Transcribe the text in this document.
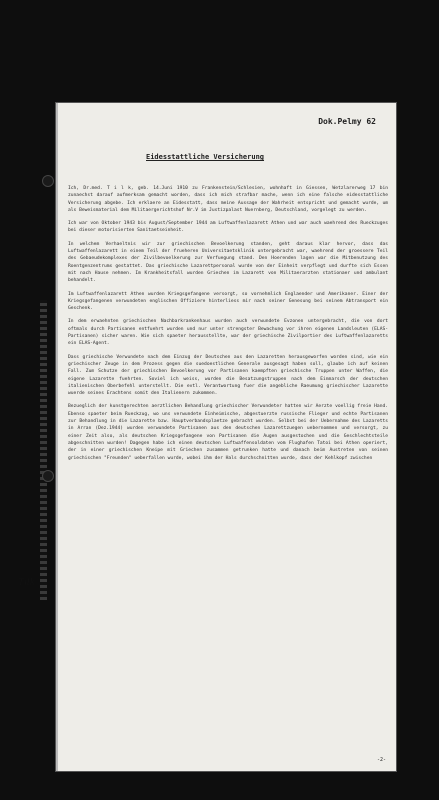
Dok.Pelmy 62
Eidesstattliche Versicherung

Ich, Dr.med. T i l k, geb. 14.Juni 1910 zu Frankenstein/Schlesien, wohnhaft in Giessen, Wetzlarerweg 17 bin zunaechst darauf aufmerksam gemacht worden, dass ich mich strafbar mache, wenn ich eine falsche eidesstattliche Versicherung abgebe. Ich erklaere an Eidesstatt, dass meine Aussage der Wahrheit entspricht und gemacht wurde, um als Beweismaterial dem Militaergerichtshof Nr.V im Justizpalast Nuernberg, Deutschland, vorgelegt zu werden.

Ich war von Oktober 1943 bis August/September 1944 am Luftwaffenlazarett Athen und war auch waehrend des Rueckzuges bei dieser motorisierten Sanitaetseinheit.

In welchem Verhaeltnis wir zur griechischen Bevoelkerung standen, geht daraus klar hervor, dass das Luftwaffenlazarett in einem Teil der frueheren Universitaetsklinik untergebracht war, waehrend der groessere Teil des Gebaeudekomplexes der Zivilbevoelkerung zur Verfuegung stand. Den Hoerenden lagen war die Mitbenutzung des Roentgenzentrums gestattet. Das griechische Lazarettpersonal wurde von der Einheit verpflegt und durfte sich Essen mit nach Hause nehmen. Im Krankheitsfall wurden Griechen im Lazarett von Militaerarzten stationaer und ambulant behandelt.

Im Luftwaffenlazarett Athen wurden Kriegsgefangene versorgt, so vornehmlich Englaender und Amerikaner. Einer der Kriegsgefangenen verwundeten englischen Offiziere hinterliess mir nach seiner Genesung bei seinem Abtransport ein Geschenk.

In dem erwaehnten griechischen Nachbarkrankenhaus wurden auch verwundete Evzonen untergebracht, die von dort oftmals durch Partisanen entfuehrt wurden und nur unter strengster Bewachung vor ihren eigenen Landsleuten (ELAS-Partisanen) sicher waren. Wie sich spaeter herausstellte, war der griechische Zivilportier des Luftwaffenlazaretts ein ELAS-Agent.

Dass griechische Verwundete nach dem Einzug der Deutschen aus den Lazaretten herausgeworfen worden sind, wie ein griechischer Zeuge in dem Prozess gegen die suedoestlichen Generale ausgesagt haben soll, glaube ich auf keinen Fall. Zum Schutze der griechischen Bevoelkerung vor Partisanen kaempften griechische Truppen unter Waffen, die eigene Lazarette fuehrten. Soviel ich weiss, wurden die Besatzungstruppen nach dem Einmarsch der deutschen italienischen Oberbefehl unterstellt. Die evtl. Verantwortung fuer die angebliche Raeumung griechischer Lazarette wuerde seines Erachtens somit den Italienern zukommen.

Bezueglich der kunstgerechten aerztlichen Behandlung griechischer Verwundeter hatten wir Aerzte voellig freie Hand. Ebenso spaeter beim Rueckzug, wo uns verwundete Einheimische, abgestuerzte russische Flieger und echte Partisanen zur Behandlung in die Lazarette bzw. Hauptverbandsplaetze gebracht wurden. Selbst bei der Uebernahme des Lazaretts in Arran (Dez.1944) wurden verwundete Partisanen aus den deutschen Lazarettzuegen uebernommen und versorgt, zu einer Zeit also, als deutschen Kriegsgefangene von Partisanen die Augen ausgestochen und die Geschlechtsteile abgeschnitten wurden! Dagegen habe ich einen deutschen Luftwaffensoldaten vom Flughafen Tatoi bei Athen operiert, der in einer griechischen Kneipe mit Griechen zusammen getrunken hatte und danach beim Austreten von seinen griechischen "Freunden" ueberfallen wurde, wobei ihm der Hals durchschnitten wurde, dass der Kehlkopf zwischen

-2-
Tilk
